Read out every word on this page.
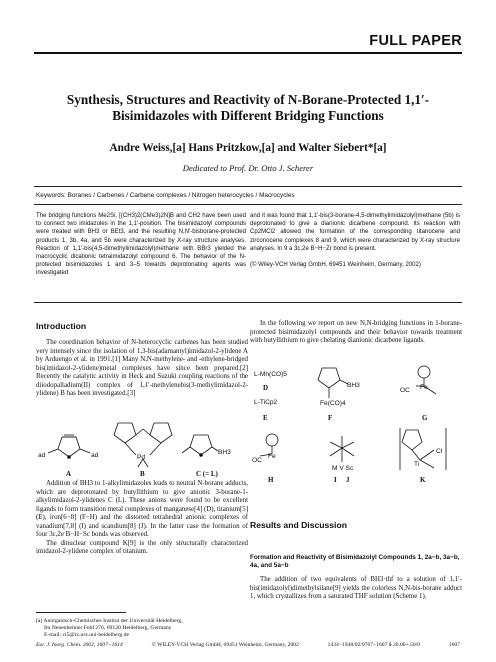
FULL PAPER
Synthesis, Structures and Reactivity of N-Borane-Protected 1,1′-Bisimidazoles with Different Bridging Functions
Andre Weiss,[a] Hans Pritzkow,[a] and Walter Siebert*[a]
Dedicated to Prof. Dr. Otto J. Scherer
Keywords: Boranes / Carbenes / Carbene complexes / Nitrogen heterocycles / Macrocycles
The bridging functions Me2Si, [(CH3)2(CMe3)2N]B and CH2 have been used to connect two imidazoles in the 1,1′-position. The bisimidazolyl compounds were treated with BH3 or BEt3, and the resulting N,N′-bisborane-protected products 1, 3b, 4a, and 5b were characterized by X-ray structure analyses. Reaction of 1,1′-bis(4,5-dimethylimidazolyl)methane with BBr3 yielded the macrocyclic dicationic tetraimidazolyl compound 6. The behavior of the N-protected bisimidazoles 1 and 3–5 towards deprotonating agents was investigated
and it was found that 1,1′-bis(3-borane-4,5-dimethylimidazolyl)methane (5b) is deprotonated to give a dianionic dicarbene compound. Its reaction with Cp2MCl2 allowed the formation of the corresponding titanocene and zirconocene complexes 8 and 9, which were characterized by X-ray structure analyses. In 9 a 3c,2e B−H−Zr bond is present.
(© Wiley-VCH Verlag GmbH, 69451 Weinheim, Germany, 2002)
Introduction

The coordination behavior of N-heterocyclic carbenes has been studied very intensely since the isolation of 1,3-bis(adamantyl)imidazol-2-ylidene A by Arduengo et al. in 1991.[1] Many N,N-methylene- and -ethylene-bridged bis(imidazol-2-ylidene)metal complexes have since been prepared.[2] Recently the catalytic activity in Heck and Suzuki coupling reactions of the diiodopalladium(II) complex of 1,1′-methylenebis(3-methylimidazol-2-ylidene) B has been investigated.[3]

ad	ad
A
Pd
B
BH3
C (= L)

Addition of BH3 to 1-alkylimidazoles leads to neutral N-borane adducts, which are deprotonated by butyllithium to give anionic 3-borane-1-alkylimidazol-2-ylidenes C (L). These anions were found to be excellent ligands to form transition metal complexes of manganese[4] (D), titanium[5] (E), iron[6−8] (F−H) and the distorted tetrahedral anionic complexes of vanadium[7,8] (I) and scandium[8] (J). In the latter case the formation of four 3c,2e B−H−Sc bonds was observed.

The dinuclear compound K[9] is the only structurally characterized imidazol-2-ylidene complex of titanium.

[a] Anorganisch-Chemisches Institut der Universität Heidelberg,
Im Neuenheimer Feld 276, 69120 Heidelberg, Germany
E-mail: ci5@ix.urz.uni-heidelberg.de

In the following we report on new N,N-bridging functions in 1-borane-protected bisimidazolyl compounds and their behavior towards treatment with butyllithium to give chelating dianionic dicarbene ligands.

L-Mn(CO)5
D
L-TiCp2
E
BH3
Fe(CO)4
F
Fe
OC
G
Fe
OC
H
M V Sc
I J
Cl
Ti
K
Results and Discussion
Formation and Reactivity of Bisimidazolyl Compounds 1, 2a−b, 3a−b, 4a, and 5a−b

The addition of two equivalents of BH3·thf to a solution of 1,1′-bis(imidazolyl)dimethylsilane[9] yields the colorless N,N-bis-borane adduct 1, which crystallizes from a saturated THF solution (Scheme 1).

Eur. J. Inorg. Chem. 2002, 1607−1614	© WILEY-VCH Verlag GmbH, 69451 Weinheim, Germany, 2002	1434−1948/02/0707−1607 $ 20.00+.50/0	1607
